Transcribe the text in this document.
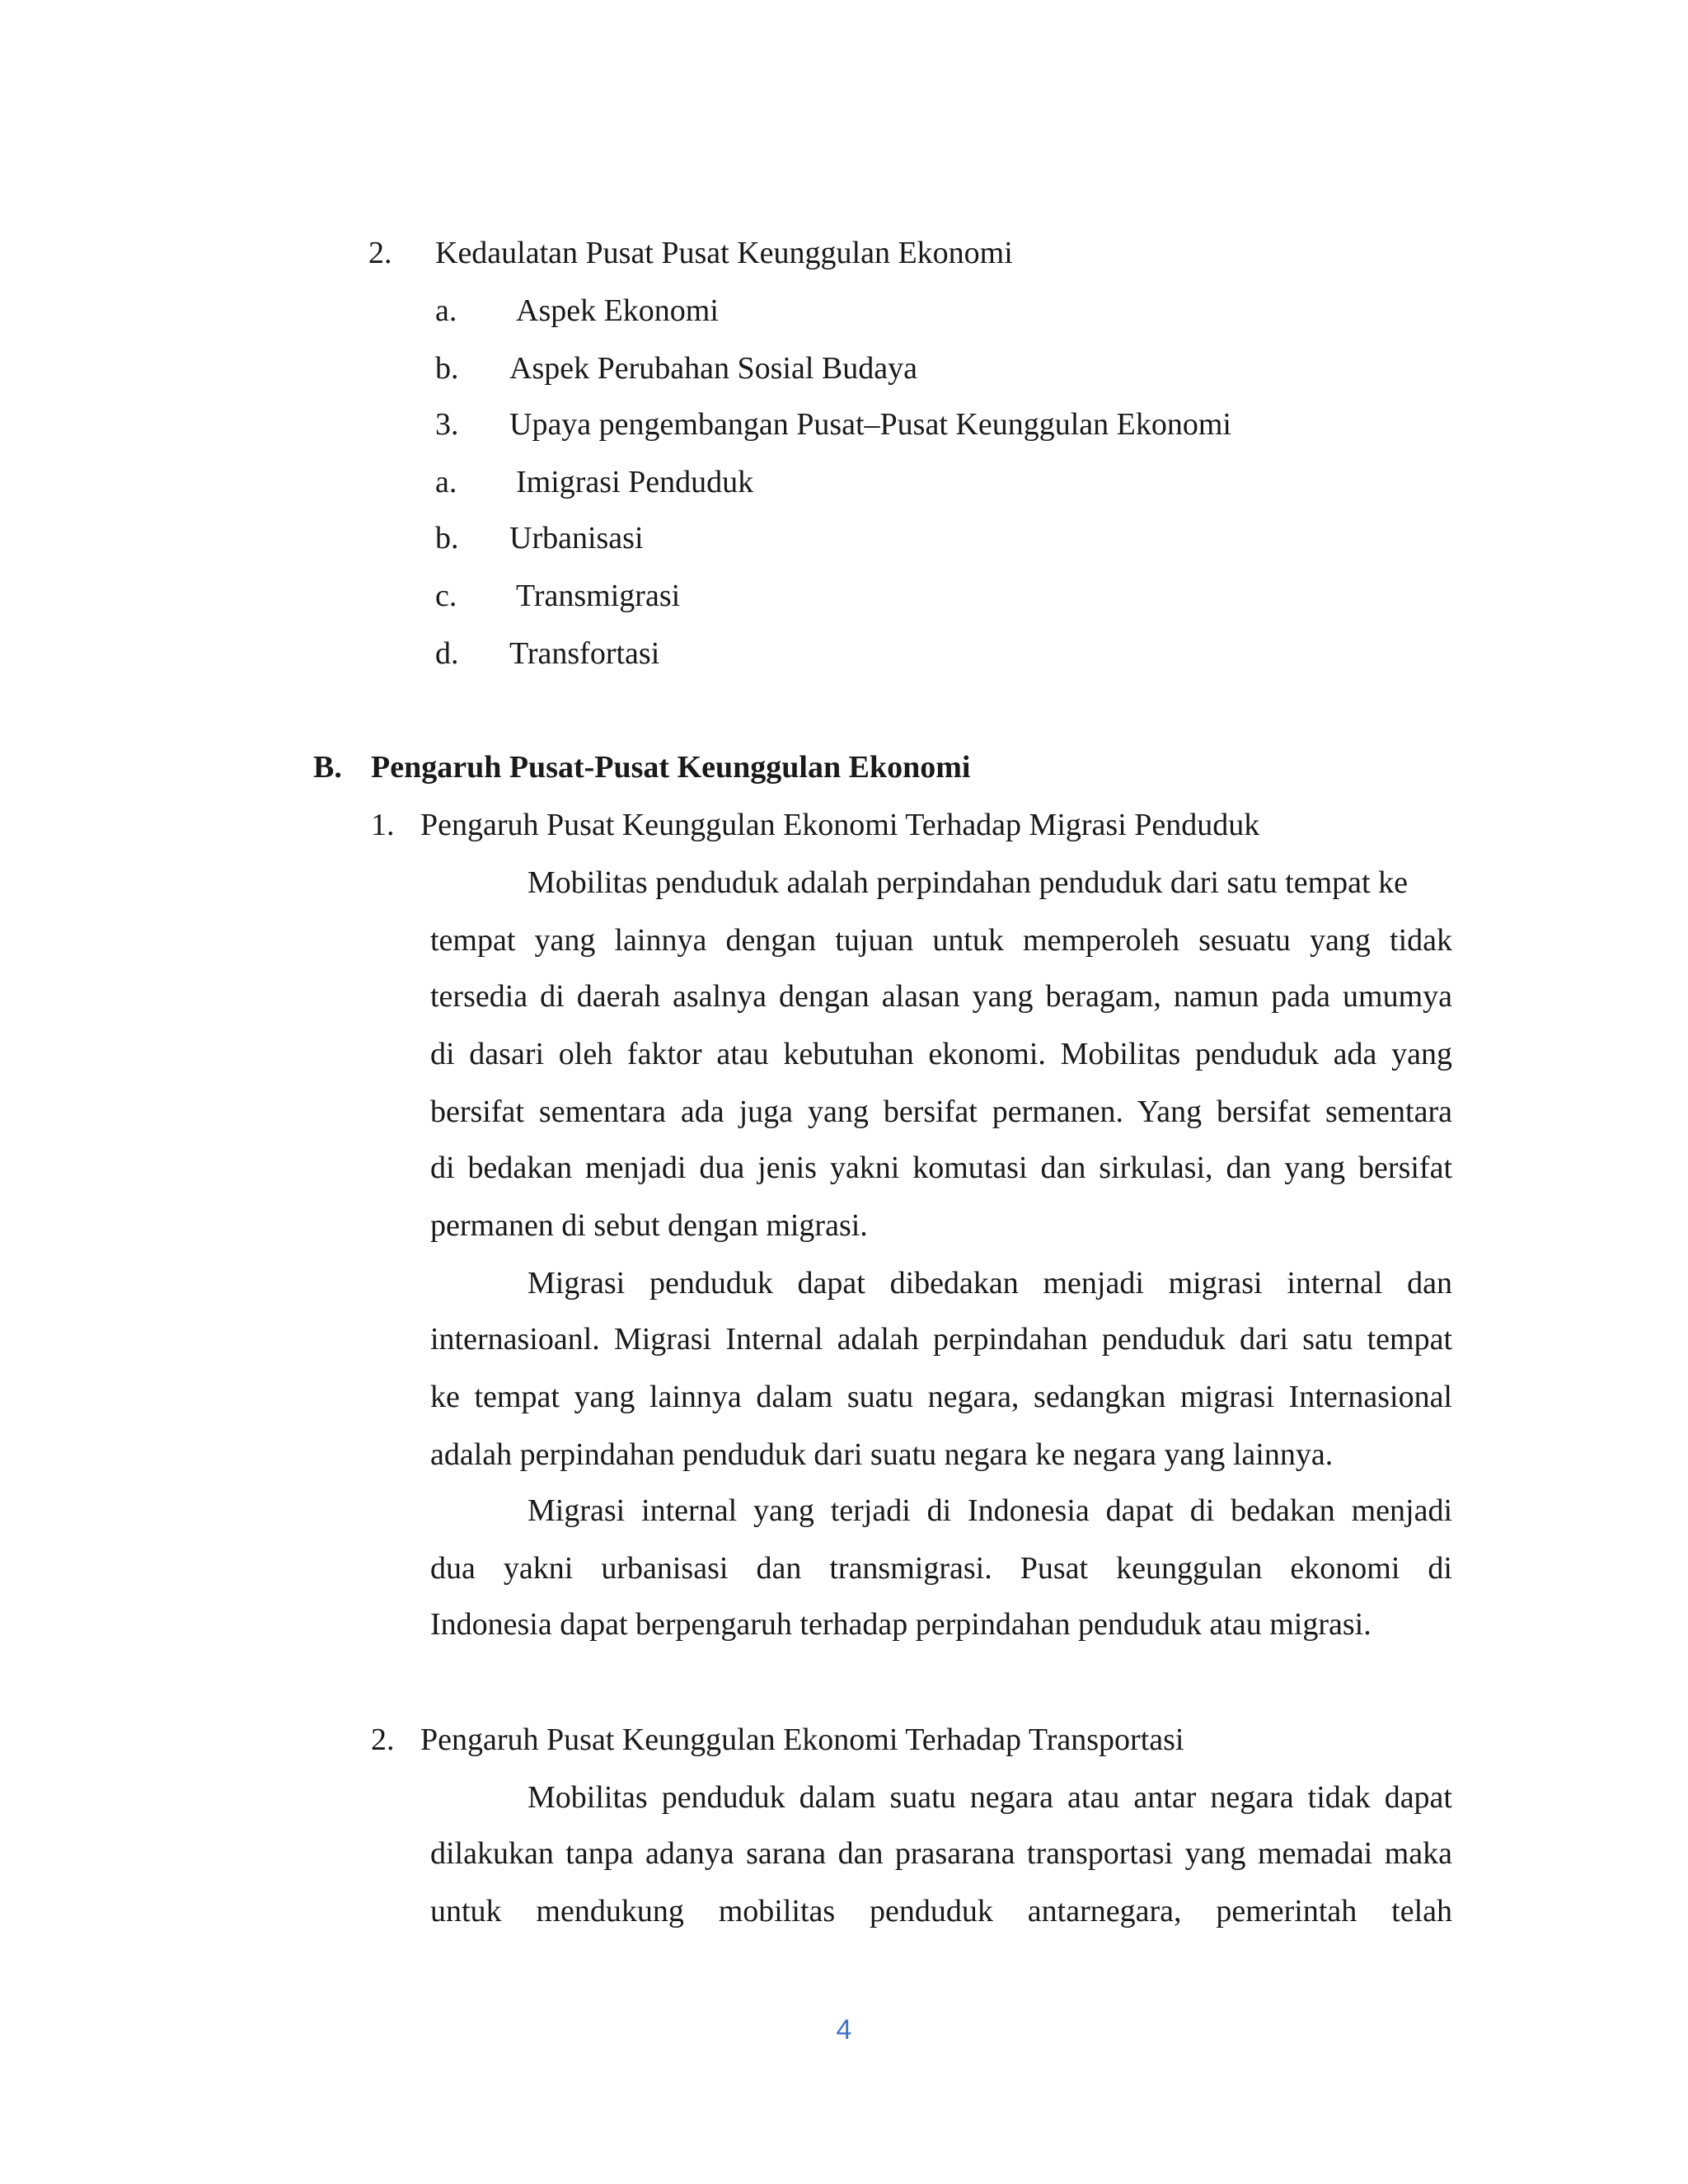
2. Kedaulatan Pusat Pusat Keunggulan Ekonomi
a. Aspek Ekonomi
b. Aspek Perubahan Sosial Budaya
3. Upaya pengembangan Pusat–Pusat Keunggulan Ekonomi
a. Imigrasi Penduduk
b. Urbanisasi
c. Transmigrasi
d. Transfortasi
B. Pengaruh Pusat-Pusat Keunggulan Ekonomi
1. Pengaruh Pusat Keunggulan Ekonomi Terhadap Migrasi Penduduk
Mobilitas penduduk adalah perpindahan penduduk dari satu tempat ke
tempat yang lainnya dengan tujuan untuk memperoleh sesuatu yang tidak
tersedia di daerah asalnya dengan alasan yang beragam, namun pada umumya
di dasari oleh faktor atau kebutuhan ekonomi. Mobilitas penduduk ada yang
bersifat sementara ada juga yang bersifat permanen. Yang bersifat sementara
di bedakan menjadi dua jenis yakni komutasi dan sirkulasi, dan yang bersifat
permanen di sebut dengan migrasi.
Migrasi penduduk dapat dibedakan menjadi migrasi internal dan
internasioanl. Migrasi Internal adalah perpindahan penduduk dari satu tempat
ke tempat yang lainnya dalam suatu negara, sedangkan migrasi Internasional
adalah perpindahan penduduk dari suatu negara ke negara yang lainnya.
Migrasi internal yang terjadi di Indonesia dapat di bedakan menjadi
dua yakni urbanisasi dan transmigrasi. Pusat keunggulan ekonomi di
Indonesia dapat berpengaruh terhadap perpindahan penduduk atau migrasi.
2. Pengaruh Pusat Keunggulan Ekonomi Terhadap Transportasi
Mobilitas penduduk dalam suatu negara atau antar negara tidak dapat
dilakukan tanpa adanya sarana dan prasarana transportasi yang memadai maka
untuk mendukung mobilitas penduduk antarnegara, pemerintah telah
4
